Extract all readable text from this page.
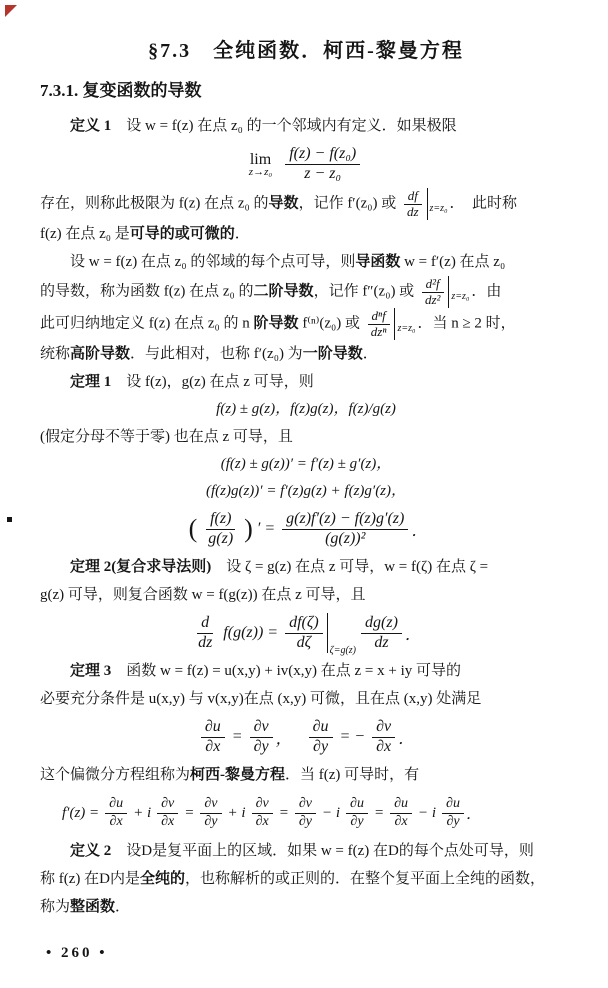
§7.3　全纯函数．柯西-黎曼方程
7.3.1. 复变函数的导数
定义 1　设 w = f(z) 在点 z₀ 的一个邻域内有定义．如果极限
lim
z→z₀
f(z) − f(z₀)
z − z₀
存在，则称此极限为 f(z) 在点 z₀ 的导数，记作 f′(z₀) 或 $\frac{df}{dz} z=z_0$ ．　此时称
f(z) 在点 z₀ 是可导的或可微的．
设 w = f(z) 在点 z₀ 的邻域的每个点可导，则导函数 w = f′(z) 在点 z₀
的导数，称为函数 f(z) 在点 z₀ 的二阶导数，记作 f″(z₀) 或 $\frac{\text{d²f}}{\text{dz²}} z=z_0$ ．由
此可归纳地定义 f(z) 在点 z₀ 的 n 阶导数 f⁽ⁿ⁾(z₀) 或
dⁿf
dzⁿ	z=z₀ ．当 n ≥ 2 时，
统称高阶导数．与此相对，也称 f′(z₀) 为一阶导数．
定理 1　设 f(z)，g(z) 在点 z 可导，则
f(z) ± g(z)，f(z)g(z)，f(z)/g(z)
(假定分母不等于零) 也在点 z 可导，且
(f(z) ± g(z))′ = f′(z) ± g′(z)，
(f(z)g(z))′ = f′(z)g(z) + f(z)g′(z)，
( f(z)
g(z) ) ′ = $\frac{g(z)f'(z) - f(z)g'(z)}{\text{(g(z))²}}$ ．
定理 2(复合求导法则)　设 ζ = g(z) 在点 z 可导，w = f(ζ) 在点 ζ =
g(z) 可导，则复合函数 w = f(g(z)) 在点 z 可导，且
d
dz
$f(g(z)) = \frac{df(\zeta)}{d\zeta} \zeta=g(z)$
dg(z)
dz ．
定理 3　函数 w = f(z) = u(x,y) + iv(x,y) 在点 z = x + iy 可导的
必要充分条件是 u(x,y) 与 v(x,y)在点 (x,y) 可微，且在点 (x,y) 处满足
$\frac{\partial u}{\partial x} = \frac{\partial v}{\partial y}$ ， $\frac{\partial u}{\partial y}$ = − $\frac{\partial v}{\partial x}$ ．
这个偏微分方程组称为柯西-黎曼方程．当 f(z) 可导时，有
$f'(z) = \frac{\partial u}{\partial x} + i \frac{\partial v}{\partial x} = \frac{\partial v}{\partial y} + i \frac{\partial v}{\partial x} = \frac{\partial v}{\partial y} - i \frac{\partial u}{\partial y} = \frac{\partial u}{\partial x} - i$
∂u
∂y ．
定义 2　设D是复平面上的区域．如果 w = f(z) 在D的每个点处可导，则
称 f(z) 在D内是全纯的，也称解析的或正则的．在整个复平面上全纯的函数，
称为整函数．
• 260 •
